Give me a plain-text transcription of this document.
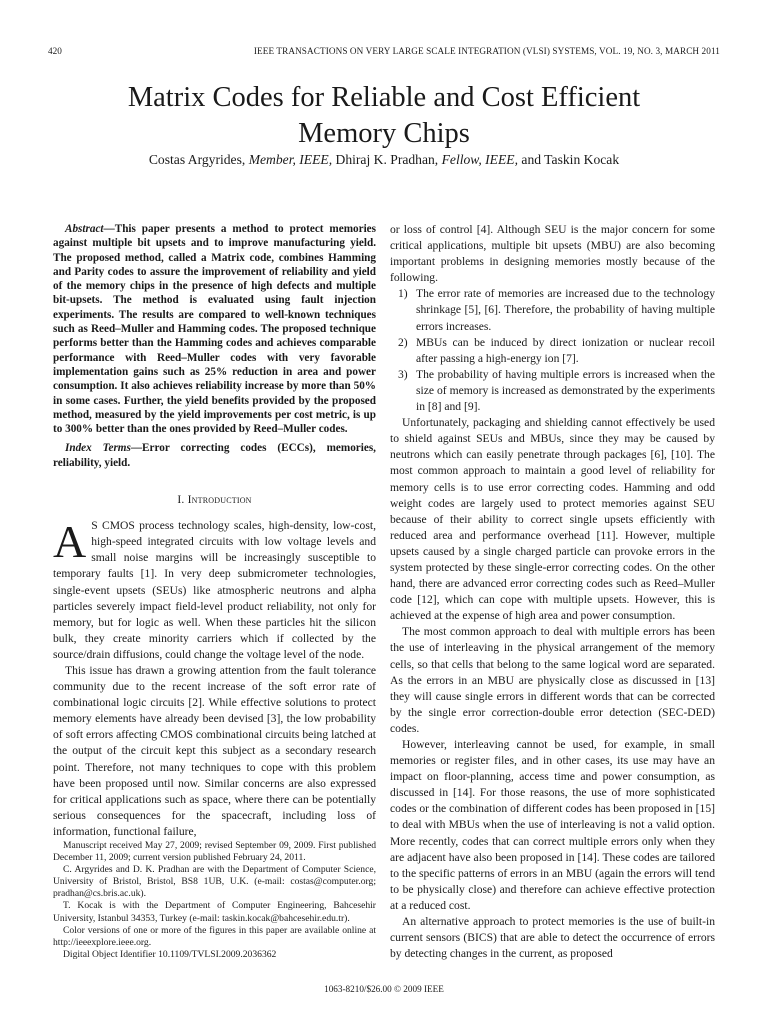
420	IEEE TRANSACTIONS ON VERY LARGE SCALE INTEGRATION (VLSI) SYSTEMS, VOL. 19, NO. 3, MARCH 2011
Matrix Codes for Reliable and Cost Efficient
Memory Chips
Costas Argyrides, Member, IEEE, Dhiraj K. Pradhan, Fellow, IEEE, and Taskin Kocak

Abstract—This paper presents a method to protect memories against multiple bit upsets and to improve manufacturing yield. The proposed method, called a Matrix code, combines Hamming and Parity codes to assure the improvement of reliability and yield of the memory chips in the presence of high defects and multiple bit-upsets. The method is evaluated using fault injection experiments. The results are compared to well-known techniques such as Reed–Muller and Hamming codes. The proposed technique performs better than the Hamming codes and achieves comparable performance with Reed–Muller codes with very favorable implementation gains such as 25% reduction in area and power consumption. It also achieves reliability increase by more than 50% in some cases. Further, the yield benefits provided by the proposed method, measured by the yield improvements per cost metric, is up to 300% better than the ones provided by Reed–Muller codes.

Index Terms—Error correcting codes (ECCs), memories, reliability, yield.

I. Introduction

A S CMOS process technology scales, high-density, low-cost, high-speed integrated circuits with low voltage levels and small noise margins will be increasingly susceptible to temporary faults [1]. In very deep submicrometer technologies, single-event upsets (SEUs) like atmospheric neutrons and alpha particles severely impact field-level product reliability, not only for memory, but for logic as well. When these particles hit the silicon bulk, they create minority carriers which if collected by the source/drain diffusions, could change the voltage level of the node.

This issue has drawn a growing attention from the fault tolerance community due to the recent increase of the soft error rate of combinational logic circuits [2]. While effective solutions to protect memory elements have already been devised [3], the low probability of soft errors affecting CMOS combinational circuits being latched at the output of the circuit kept this subject as a secondary research point. Therefore, not many techniques to cope with this problem have been proposed until now. Similar concerns are also expressed for critical applications such as space, where there can be potentially serious consequences for the spacecraft, including loss of information, functional failure,

Manuscript received May 27, 2009; revised September 09, 2009. First published December 11, 2009; current version published February 24, 2011.

C. Argyrides and D. K. Pradhan are with the Department of Computer Science, University of Bristol, Bristol, BS8 1UB, U.K. (e-mail: costas@computer.org; pradhan@cs.bris.ac.uk).

T. Kocak is with the Department of Computer Engineering, Bahcesehir University, Istanbul 34353, Turkey (e-mail: taskin.kocak@bahcesehir.edu.tr).

Color versions of one or more of the figures in this paper are available online at http://ieeexplore.ieee.org.

Digital Object Identifier 10.1109/TVLSI.2009.2036362

or loss of control [4]. Although SEU is the major concern for some critical applications, multiple bit upsets (MBU) are also becoming important problems in designing memories mostly because of the following.

1) The error rate of memories are increased due to the technology shrinkage [5], [6]. Therefore, the probability of having multiple errors increases.
2) MBUs can be induced by direct ionization or nuclear recoil after passing a high-energy ion [7].
3) The probability of having multiple errors is increased when the size of memory is increased as demonstrated by the experiments in [8] and [9].

Unfortunately, packaging and shielding cannot effectively be used to shield against SEUs and MBUs, since they may be caused by neutrons which can easily penetrate through packages [6], [10]. The most common approach to maintain a good level of reliability for memory cells is to use error correcting codes. Hamming and odd weight codes are largely used to protect memories against SEU because of their ability to correct single upsets efficiently with reduced area and performance overhead [11]. However, multiple upsets caused by a single charged particle can provoke errors in the system protected by these single-error correcting codes. On the other hand, there are advanced error correcting codes such as Reed–Muller code [12], which can cope with multiple upsets. However, this is achieved at the expense of high area and power consumption.

The most common approach to deal with multiple errors has been the use of interleaving in the physical arrangement of the memory cells, so that cells that belong to the same logical word are separated. As the errors in an MBU are physically close as discussed in [13] they will cause single errors in different words that can be corrected by the single error correction-double error detection (SEC-DED) codes.

However, interleaving cannot be used, for example, in small memories or register files, and in other cases, its use may have an impact on floor-planning, access time and power consumption, as discussed in [14]. For those reasons, the use of more sophisticated codes or the combination of different codes has been proposed in [15] to deal with MBUs when the use of interleaving is not a valid option. More recently, codes that can correct multiple errors only when they are adjacent have also been proposed in [14]. These codes are tailored to the specific patterns of errors in an MBU (again the errors will tend to be physically close) and therefore can achieve effective protection at a reduced cost.

An alternative approach to protect memories is the use of built-in current sensors (BICS) that are able to detect the occurrence of errors by detecting changes in the current, as proposed

1063-8210/$26.00 © 2009 IEEE
